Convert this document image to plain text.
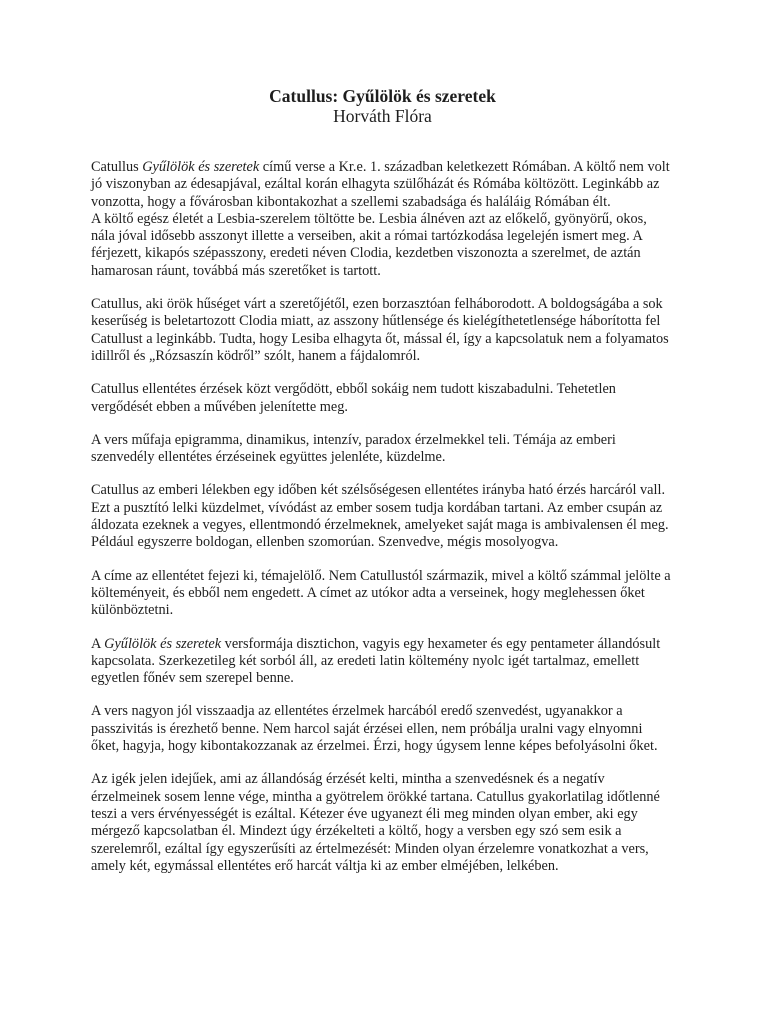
Catullus: Gyűlölök és szeretek
Horváth Flóra

Catullus Gyűlölök és szeretek című verse a Kr.e. 1. században keletkezett Rómában. A költő nem volt jó viszonyban az édesapjával, ezáltal korán elhagyta szülőházát és Rómába költözött. Leginkább az vonzotta, hogy a fővárosban kibontakozhat a szellemi szabadsága és haláláig Rómában élt.

A költő egész életét a Lesbia-szerelem töltötte be. Lesbia álnéven azt az előkelő, gyönyörű, okos, nála jóval idősebb asszonyt illette a verseiben, akit a római tartózkodása legelején ismert meg. A férjezett, kikapós szépasszony, eredeti néven Clodia, kezdetben viszonozta a szerelmet, de aztán hamarosan ráunt, továbbá más szeretőket is tartott.

Catullus, aki örök hűséget várt a szeretőjétől, ezen borzasztóan felháborodott. A boldogságába a sok keserűség is beletartozott Clodia miatt, az asszony hűtlensége és kielégíthetetlensége háborította fel Catullust a leginkább. Tudta, hogy Lesiba elhagyta őt, mással él, így a kapcsolatuk nem a folyamatos idillről és „Rózsaszín ködről” szólt, hanem a fájdalomról.

Catullus ellentétes érzések közt vergődött, ebből sokáig nem tudott kiszabadulni. Tehetetlen vergődését ebben a művében jelenítette meg.

A vers műfaja epigramma, dinamikus, intenzív, paradox érzelmekkel teli. Témája az emberi szenvedély ellentétes érzéseinek együttes jelenléte, küzdelme.

Catullus az emberi lélekben egy időben két szélsőségesen ellentétes irányba ható érzés harcáról vall. Ezt a pusztító lelki küzdelmet, vívódást az ember sosem tudja kordában tartani. Az ember csupán az áldozata ezeknek a vegyes, ellentmondó érzelmeknek, amelyeket saját maga is ambivalensen él meg. Például egyszerre boldogan, ellenben szomorúan. Szenvedve, mégis mosolyogva.

A címe az ellentétet fejezi ki, témajelölő. Nem Catullustól származik, mivel a költő számmal jelölte a költeményeit, és ebből nem engedett. A címet az utókor adta a verseinek, hogy meglehessen őket különböztetni.

A Gyűlölök és szeretek versformája disztichon, vagyis egy hexameter és egy pentameter állandósult kapcsolata. Szerkezetileg két sorból áll, az eredeti latin költemény nyolc igét tartalmaz, emellett egyetlen főnév sem szerepel benne.

A vers nagyon jól visszaadja az ellentétes érzelmek harcából eredő szenvedést, ugyanakkor a passzivitás is érezhető benne. Nem harcol saját érzései ellen, nem próbálja uralni vagy elnyomni őket, hagyja, hogy kibontakozzanak az érzelmei. Érzi, hogy úgysem lenne képes befolyásolni őket.

Az igék jelen idejűek, ami az állandóság érzését kelti, mintha a szenvedésnek és a negatív érzelmeinek sosem lenne vége, mintha a gyötrelem örökké tartana. Catullus gyakorlatilag időtlenné teszi a vers érvényességét is ezáltal. Kétezer éve ugyanezt éli meg minden olyan ember, aki egy mérgező kapcsolatban él. Mindezt úgy érzékelteti a költő, hogy a versben egy szó sem esik a szerelemről, ezáltal így egyszerűsíti az értelmezését: Minden olyan érzelemre vonatkozhat a vers, amely két, egymással ellentétes erő harcát váltja ki az ember elméjében, lelkében.
